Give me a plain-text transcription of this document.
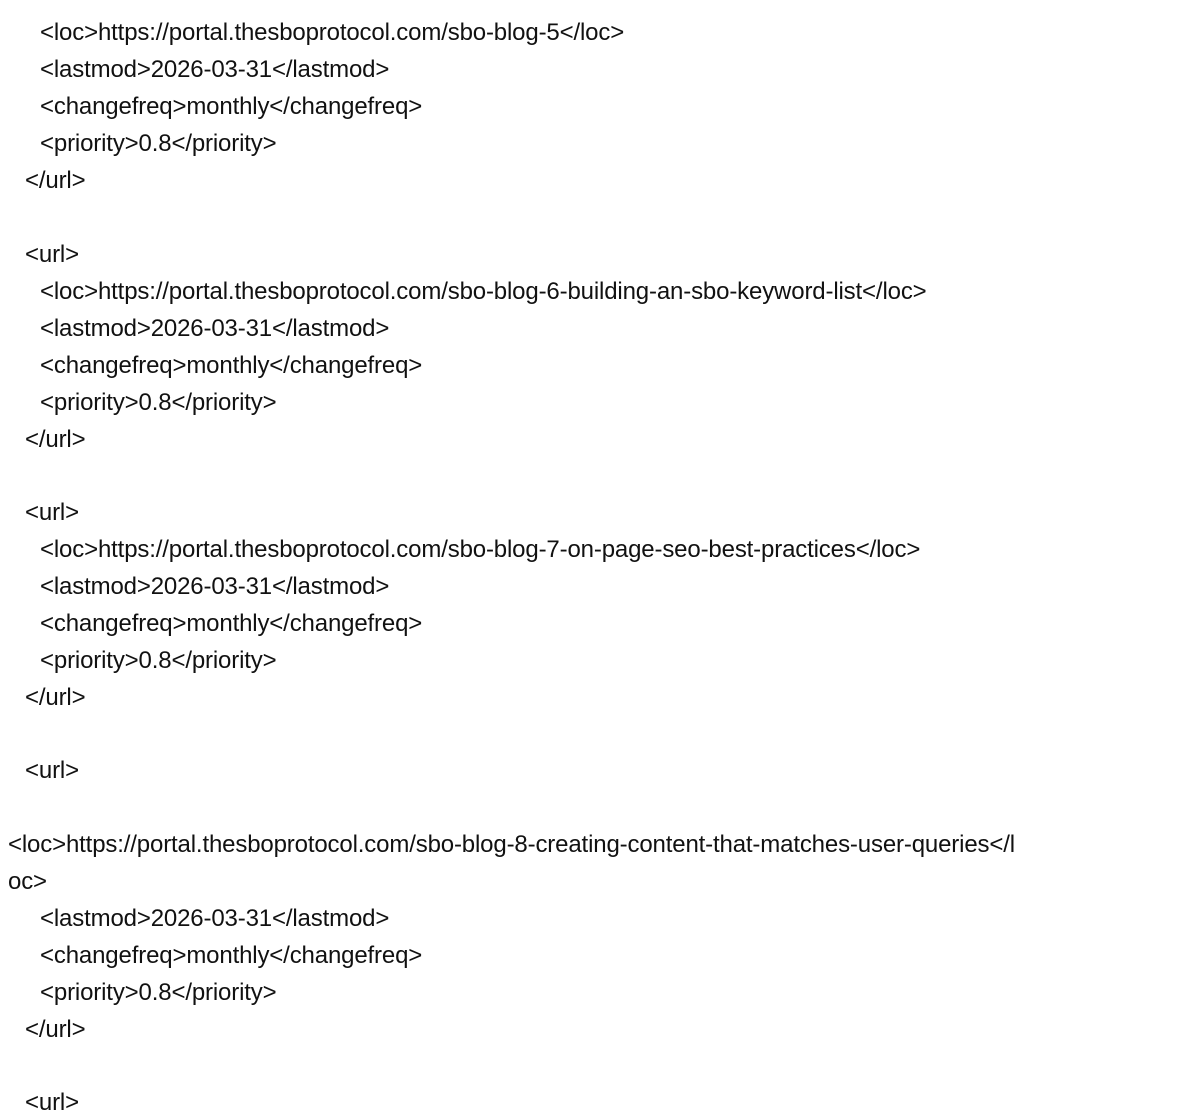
<loc>https://portal.thesboprotocol.com/sbo-blog-5</loc>
<lastmod>2026-03-31</lastmod>
<changefreq>monthly</changefreq>
<priority>0.8</priority>
</url>
<url>
<loc>https://portal.thesboprotocol.com/sbo-blog-6-building-an-sbo-keyword-list</loc>
<lastmod>2026-03-31</lastmod>
<changefreq>monthly</changefreq>
<priority>0.8</priority>
</url>
<url>
<loc>https://portal.thesboprotocol.com/sbo-blog-7-on-page-seo-best-practices</loc>
<lastmod>2026-03-31</lastmod>
<changefreq>monthly</changefreq>
<priority>0.8</priority>
</url>
<url>
<loc>https://portal.thesboprotocol.com/sbo-blog-8-creating-content-that-matches-user-queries</l
oc>
<lastmod>2026-03-31</lastmod>
<changefreq>monthly</changefreq>
<priority>0.8</priority>
</url>
<url>
